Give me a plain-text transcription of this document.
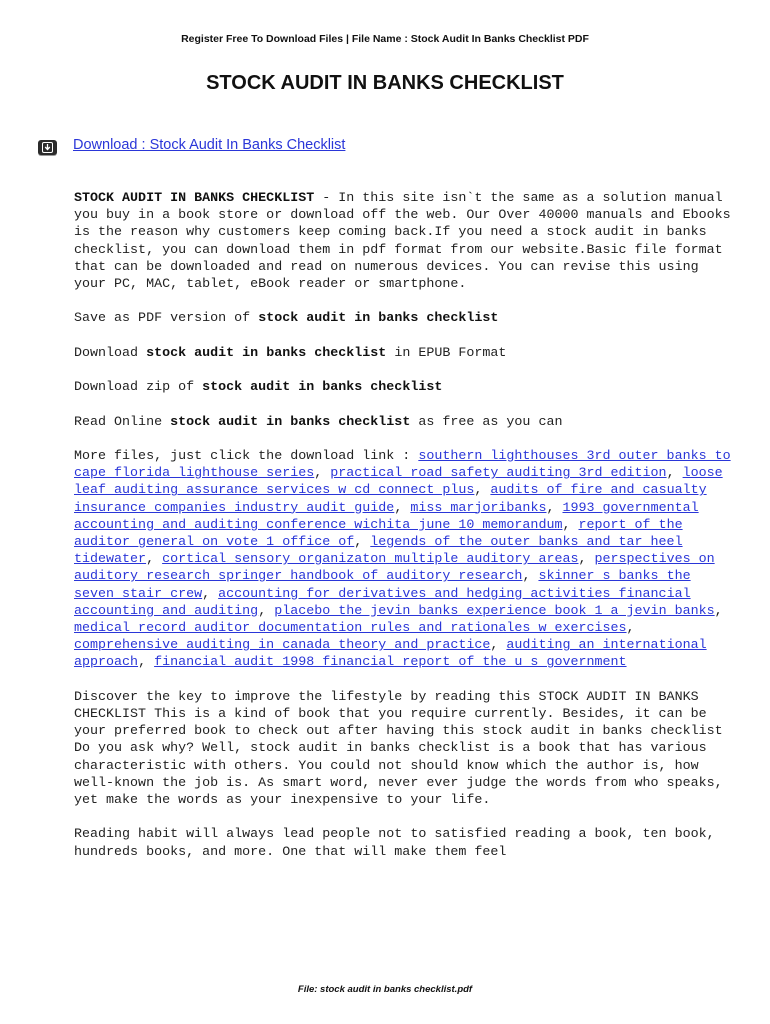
Register Free To Download Files | File Name : Stock Audit In Banks Checklist PDF
STOCK AUDIT IN BANKS CHECKLIST
Download : Stock Audit In Banks Checklist

STOCK AUDIT IN BANKS CHECKLIST - In this site isn`t the same as a solution manual you buy in a book store or download off the web. Our Over 40000 manuals and Ebooks is the reason why customers keep coming back.If you need a stock audit in banks checklist, you can download them in pdf format from our website.Basic file format that can be downloaded and read on numerous devices. You can revise this using your PC, MAC, tablet, eBook reader or smartphone.

Save as PDF version of stock audit in banks checklist

Download stock audit in banks checklist in EPUB Format

Download zip of stock audit in banks checklist

Read Online stock audit in banks checklist as free as you can

More files, just click the download link : southern lighthouses 3rd outer banks to cape florida lighthouse series, practical road safety auditing 3rd edition, loose leaf auditing assurance services w cd connect plus, audits of fire and casualty insurance companies industry audit guide, miss marjoribanks, 1993 governmental accounting and auditing conference wichita june 10 memorandum, report of the auditor general on vote 1 office of, legends of the outer banks and tar heel tidewater, cortical sensory organizaton multiple auditory areas, perspectives on auditory research springer handbook of auditory research, skinner s banks the seven stair crew, accounting for derivatives and hedging activities financial accounting and auditing, placebo the jevin banks experience book 1 a jevin banks, medical record auditor documentation rules and rationales w exercises, comprehensive auditing in canada theory and practice, auditing an international approach, financial audit 1998 financial report of the u s government

Discover the key to improve the lifestyle by reading this STOCK AUDIT IN BANKS CHECKLIST This is a kind of book that you require currently. Besides, it can be your preferred book to check out after having this stock audit in banks checklist Do you ask why? Well, stock audit in banks checklist is a book that has various characteristic with others. You could not should know which the author is, how well-known the job is. As smart word, never ever judge the words from who speaks, yet make the words as your inexpensive to your life.

Reading habit will always lead people not to satisfied reading a book, ten book, hundreds books, and more. One that will make them feel

File: stock audit in banks checklist.pdf
